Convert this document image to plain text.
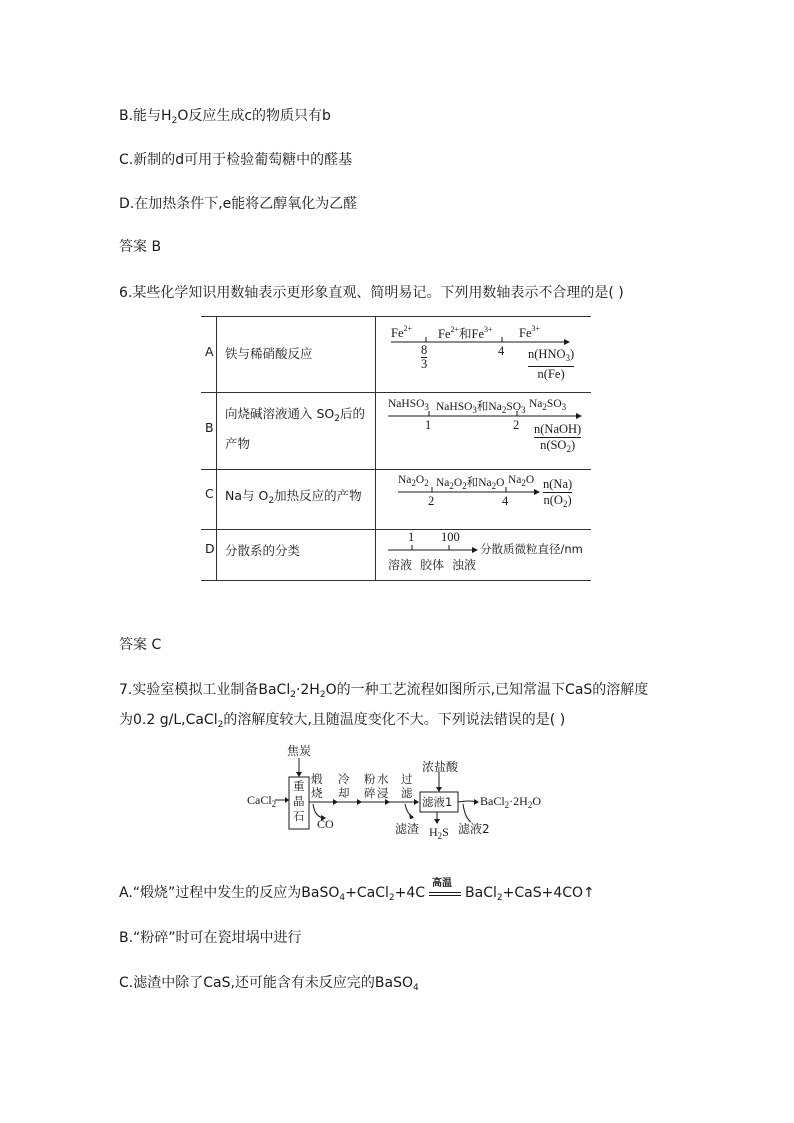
B.能与$H_2O$反应生成c的物质只有b
C.新制的d可用于检验葡萄糖中的醛基
D.在加热条件下,e能将乙醇氧化为乙醛
答案 B
6.某些化学知识用数轴表示更形象直观、简明易记。下列用数轴表示不合理的是( )
A 铁与稀硝酸反应
$Fe^{2+}$ $Fe^{2+}$和$Fe^{3+}$ $Fe^{3+}$
8
3
4 $n(HNO_3)$
n(Fe)
B
向烧碱溶液通入 $SO_2$后的
产物
NaHSO$_3$ NaHSO$_3$和$Na_2SO_3$ $Na_2SO_3$
1	2 n(NaOH)
$n(SO_2)$
C Na与 $O_2$加热反应的产物
$Na_2O_2$ $Na_2O_2$和$Na_2O$ $Na_2O$
2	4
n(Na)
$n(O_2)$
D 分散系的分类
1 100
分散质微粒直径/nm
溶液 胶体 浊液
答案 C
7.实验室模拟工业制备$BaCl_2\cdot 2H_2O$的一种工艺流程如图所示,已知常温下CaS的溶解度
为0.2 g/L,CaCl$_2$的溶解度较大,且随温度变化不大。下列说法错误的是( )
CaCl$_2$
焦炭
重
晶
石
煅
烧
CO
冷
却
粉
碎
水
浸
过
滤
浓盐酸
滤液1
滤渣 $H_2S$
$BaCl_2\cdot 2H_2O$
滤液2
A.“煅烧”过程中发生的反应为BaSO$_4$+CaCl$_2$+4C
高温
BaCl$_2$+CaS+4CO↑
B.“粉碎”时可在瓷坩埚中进行
C.滤渣中除了CaS,还可能含有未反应完的BaSO$_4$
